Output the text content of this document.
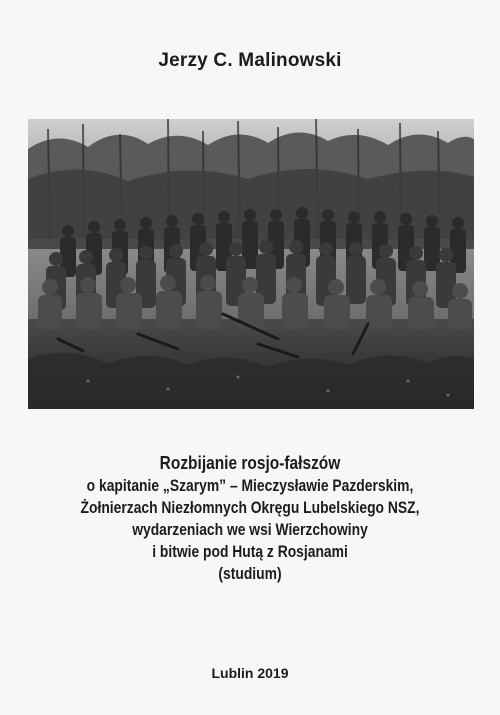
Jerzy C. Malinowski
Rozbijanie rosjo-fałszów
o kapitanie „Szarym” – Mieczysławie Pazderskim,
Żołnierzach Niezłomnych Okręgu Lubelskiego NSZ,
wydarzeniach we wsi Wierzchowiny
i bitwie pod Hutą z Rosjanami
(studium)
Lublin 2019
